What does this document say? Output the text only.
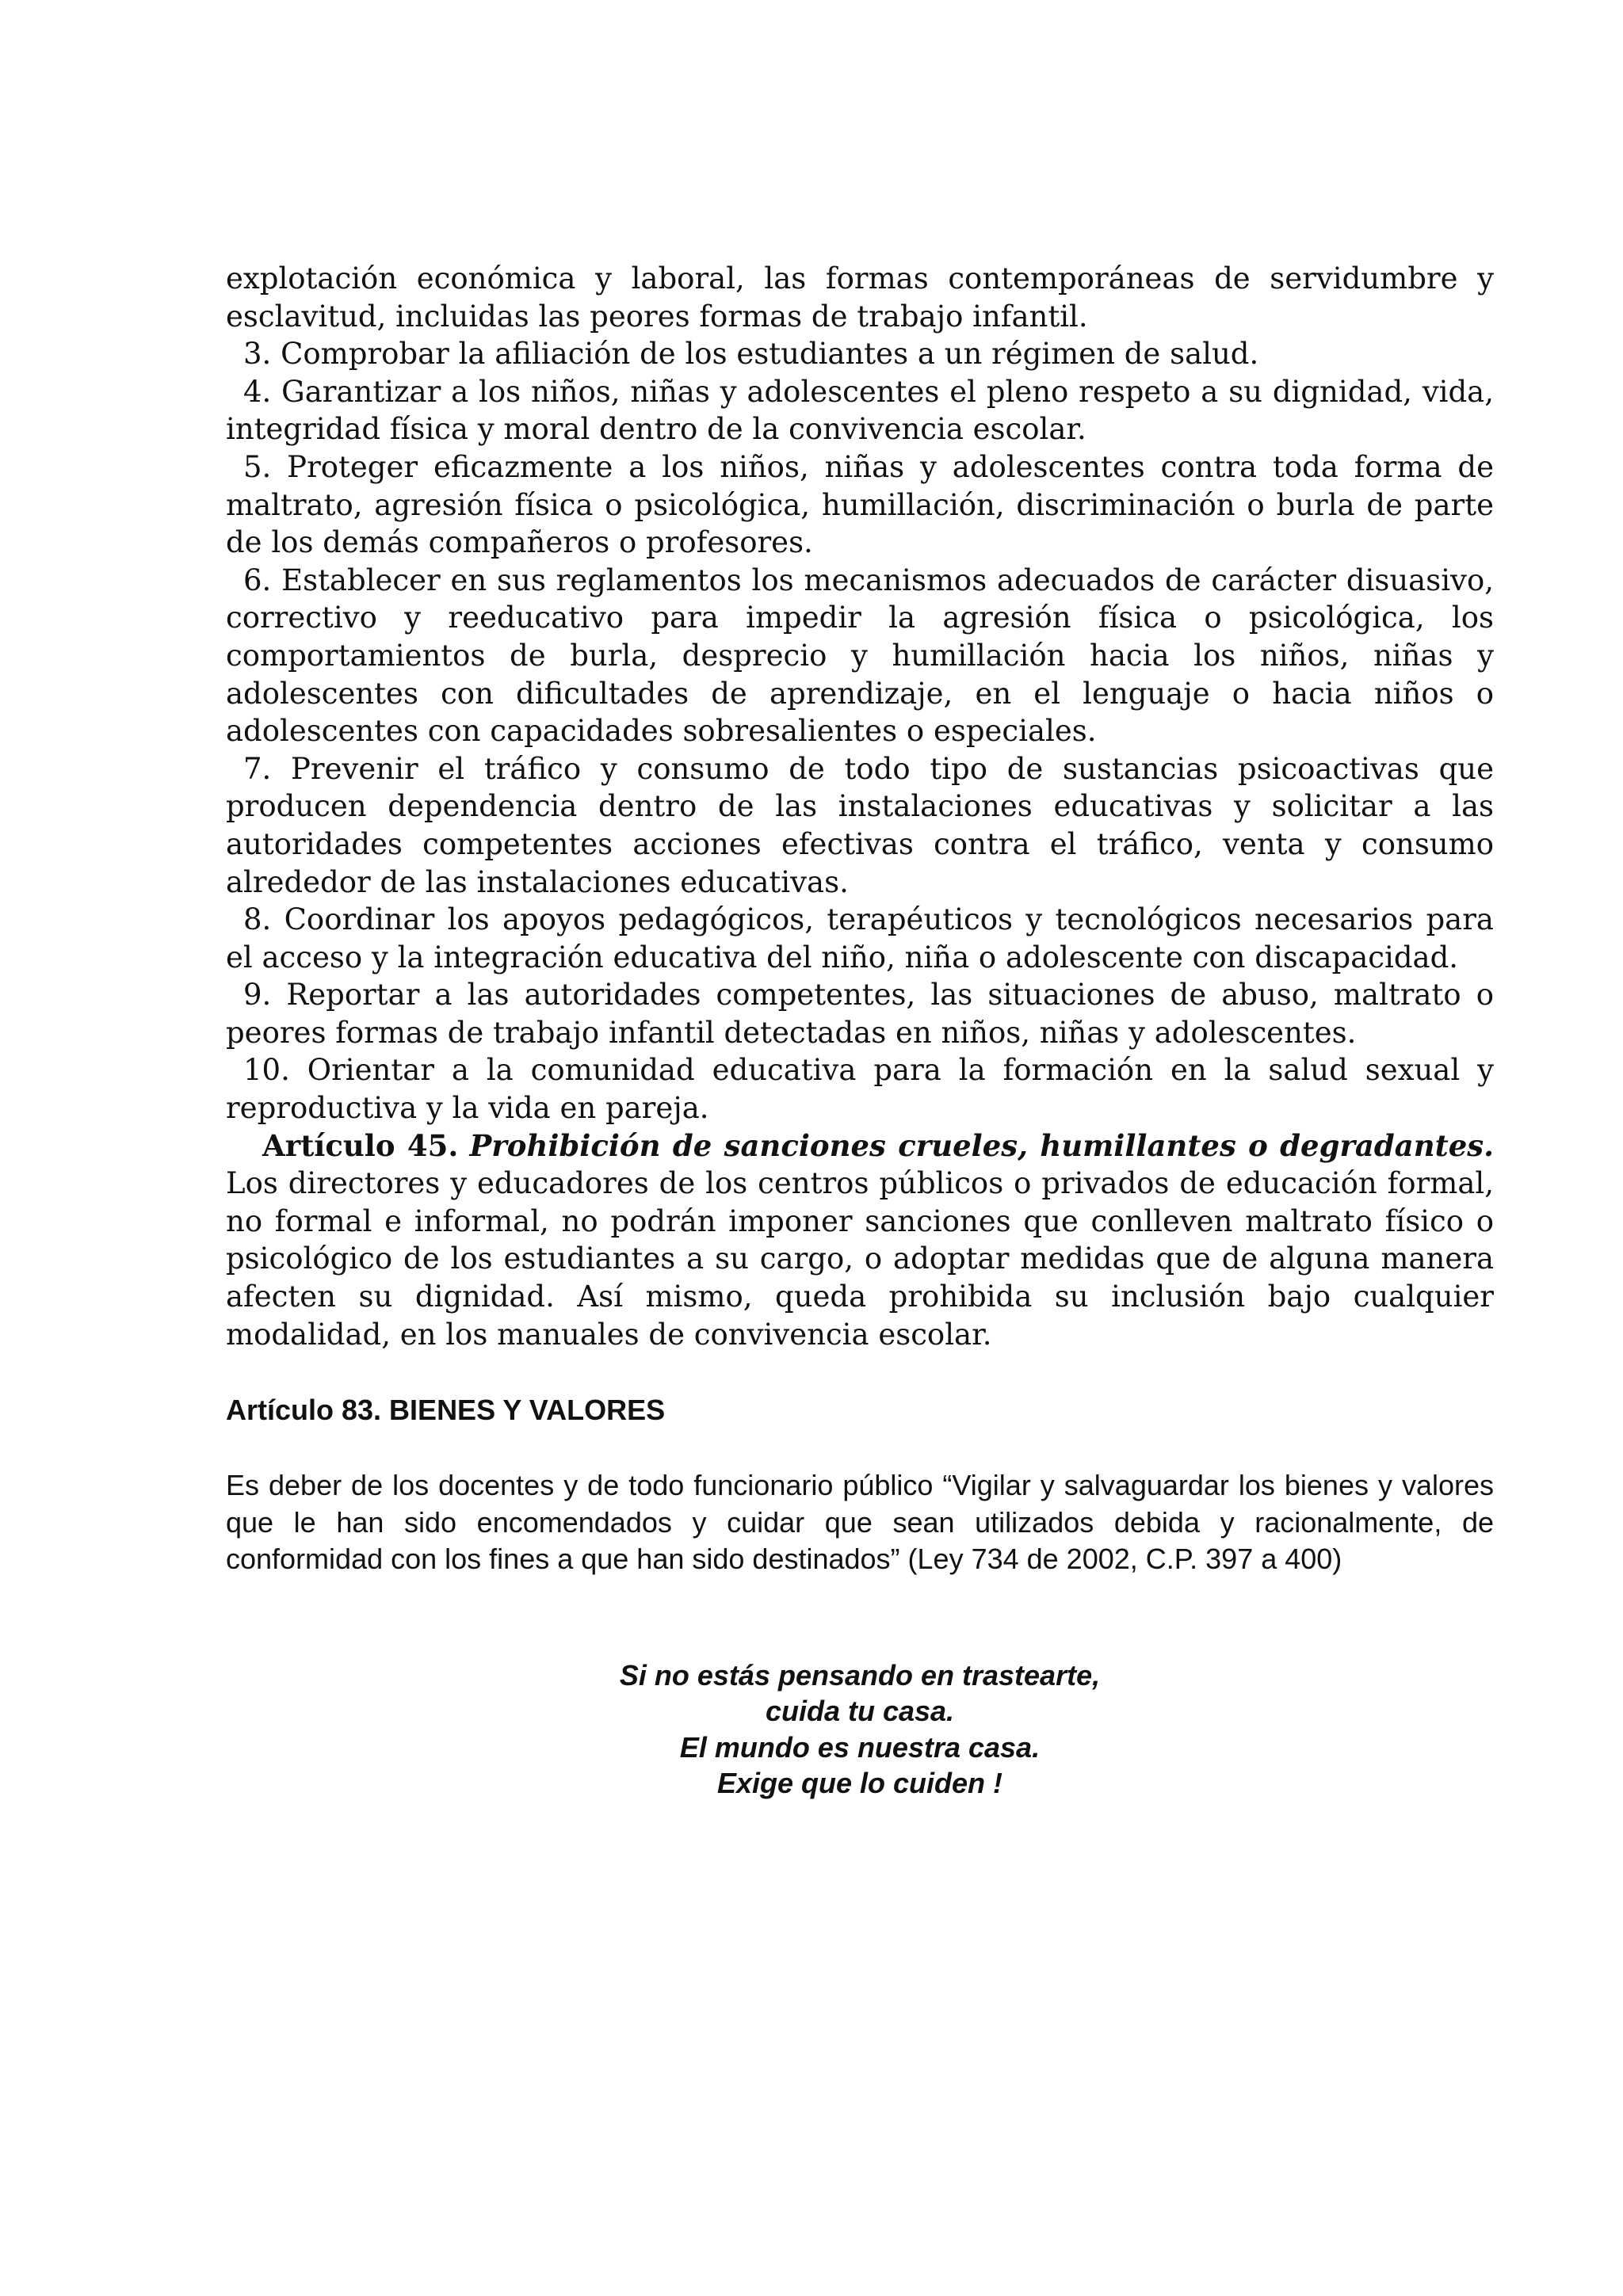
explotación económica y laboral, las formas contemporáneas de servidumbre y esclavitud, incluidas las peores formas de trabajo infantil.

3. Comprobar la afiliación de los estudiantes a un régimen de salud.

4. Garantizar a los niños, niñas y adolescentes el pleno respeto a su dignidad, vida, integridad física y moral dentro de la convivencia escolar.

5. Proteger eficazmente a los niños, niñas y adolescentes contra toda forma de maltrato, agresión física o psicológica, humillación, discriminación o burla de parte de los demás compañeros o profesores.

6. Establecer en sus reglamentos los mecanismos adecuados de carácter disuasivo, correctivo y reeducativo para impedir la agresión física o psicológica, los comportamientos de burla, desprecio y humillación hacia los niños, niñas y adolescentes con dificultades de aprendizaje, en el lenguaje o hacia niños o adolescentes con capacidades sobresalientes o especiales.

7. Prevenir el tráfico y consumo de todo tipo de sustancias psicoactivas que producen dependencia dentro de las instalaciones educativas y solicitar a las autoridades competentes acciones efectivas contra el tráfico, venta y consumo alrededor de las instalaciones educativas.

8. Coordinar los apoyos pedagógicos, terapéuticos y tecnológicos necesarios para el acceso y la integración educativa del niño, niña o adolescente con discapacidad.

9. Reportar a las autoridades competentes, las situaciones de abuso, maltrato o peores formas de trabajo infantil detectadas en niños, niñas y adolescentes.

10. Orientar a la comunidad educativa para la formación en la salud sexual y reproductiva y la vida en pareja.

Artículo 45. Prohibición de sanciones crueles, humillantes o degradantes. Los directores y educadores de los centros públicos o privados de educación formal, no formal e informal, no podrán imponer sanciones que conlleven maltrato físico o psicológico de los estudiantes a su cargo, o adoptar medidas que de alguna manera afecten su dignidad. Así mismo, queda prohibida su inclusión bajo cualquier modalidad, en los manuales de convivencia escolar.

Artículo 83. BIENES Y VALORES

Es deber de los docentes y de todo funcionario público “Vigilar y salvaguardar los bienes y valores que le han sido encomendados y cuidar que sean utilizados debida y racionalmente, de conformidad con los fines a que han sido destinados” (Ley 734 de 2002, C.P. 397 a 400)

Si no estás pensando en trastearte,
cuida tu casa.
El mundo es nuestra casa.
Exige que lo cuiden !
